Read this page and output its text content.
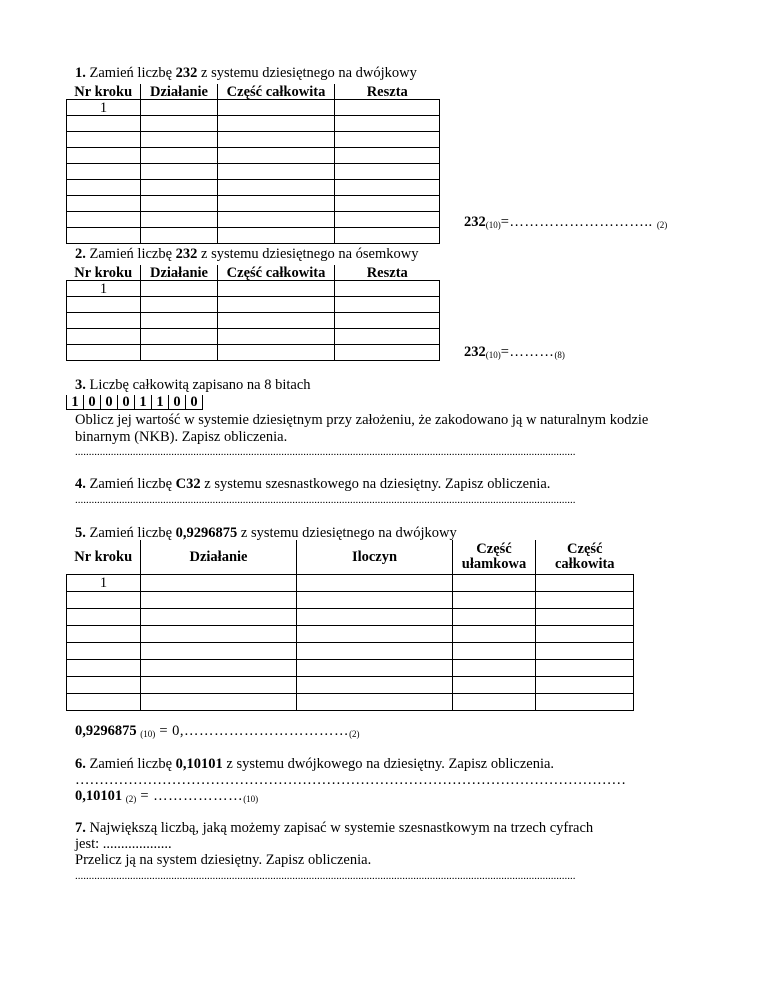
1. Zamień liczbę 232 z systemu dziesiętnego na dwójkowy
Nr kroku	Działanie	Część całkowita	Reszta
1			

$232_{(10)}=\dots\dots\dots\dots\dots\dots\dots\dots\dots$.. $_{(2)}$
2. Zamień liczbę 232 z systemu dziesiętnego na ósemkowy
Nr kroku	Działanie	Część całkowita	Reszta
1			

$232_{(10)}=\dots\dots\dots_{(8)}$
3. Liczbę całkowitą zapisano na 8 bitach
1	0	0	0	1	1	0	0
Oblicz jej wartość w systemie dziesiętnym przy założeniu, że zakodowano ją w naturalnym kodzie
binarnym (NKB). Zapisz obliczenia.
......................................................................................................................................................................................
4. Zamień liczbę C32 z systemu szesnastkowego na dziesiętny. Zapisz obliczenia.
......................................................................................................................................................................................
5. Zamień liczbę 0,9296875 z systemu dziesiętnego na dwójkowy
Nr kroku	Działanie	Iloczyn	Część ułamkowa	Część całkowita
1				

0,9296875 $_{(10)} = 0,\dots\dots\dots\dots\dots\dots\dots\dots\dots\dots\dots_{(2)}$
6. Zamień liczbę 0,10101 z systemu dwójkowego na dziesiętny. Zapisz obliczenia.
……………………………………………………………………………………………………
0,10101 $_{(2)} = \dots\dots\dots\dots\dots\dots_{(10)}$
7. Największą liczbą, jaką możemy zapisać w systemie szesnastkowym na trzech cyfrach
jest: ...................
Przelicz ją na system dziesiętny. Zapisz obliczenia.
......................................................................................................................................................................................
